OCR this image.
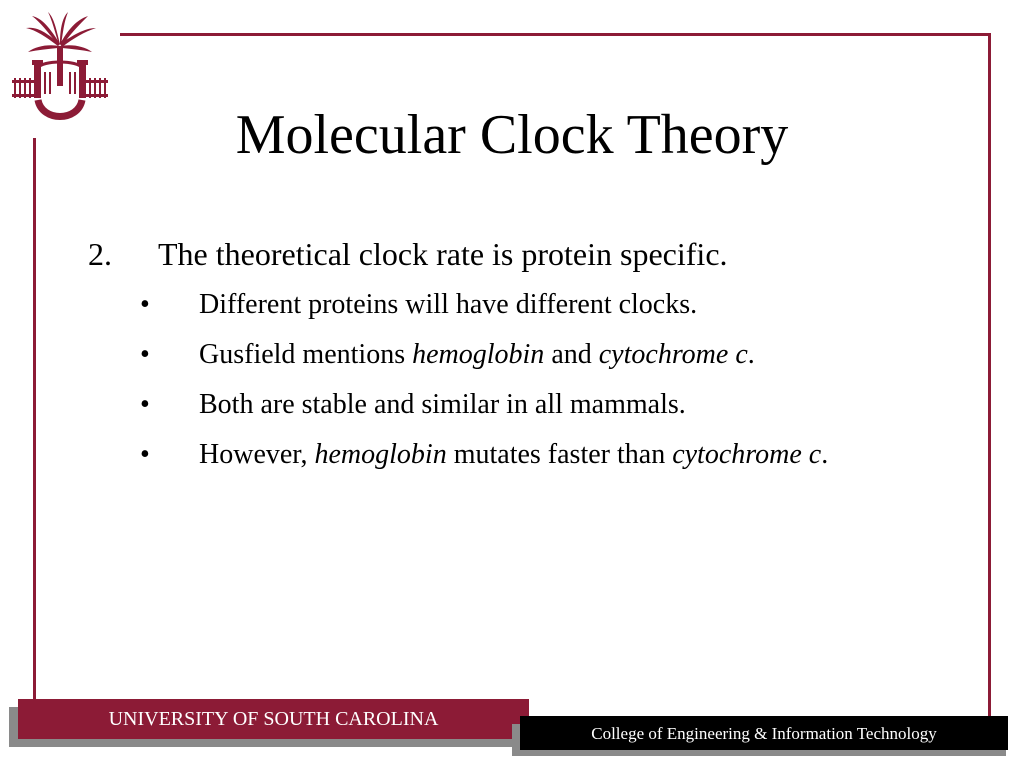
Molecular Clock Theory
2. The theoretical clock rate is protein specific.
• Different proteins will have different clocks.
• Gusfield mentions hemoglobin and cytochrome c.
• Both are stable and similar in all mammals.
• However, hemoglobin mutates faster than cytochrome c.
UNIVERSITY OF SOUTH CAROLINA
College of Engineering & Information Technology
